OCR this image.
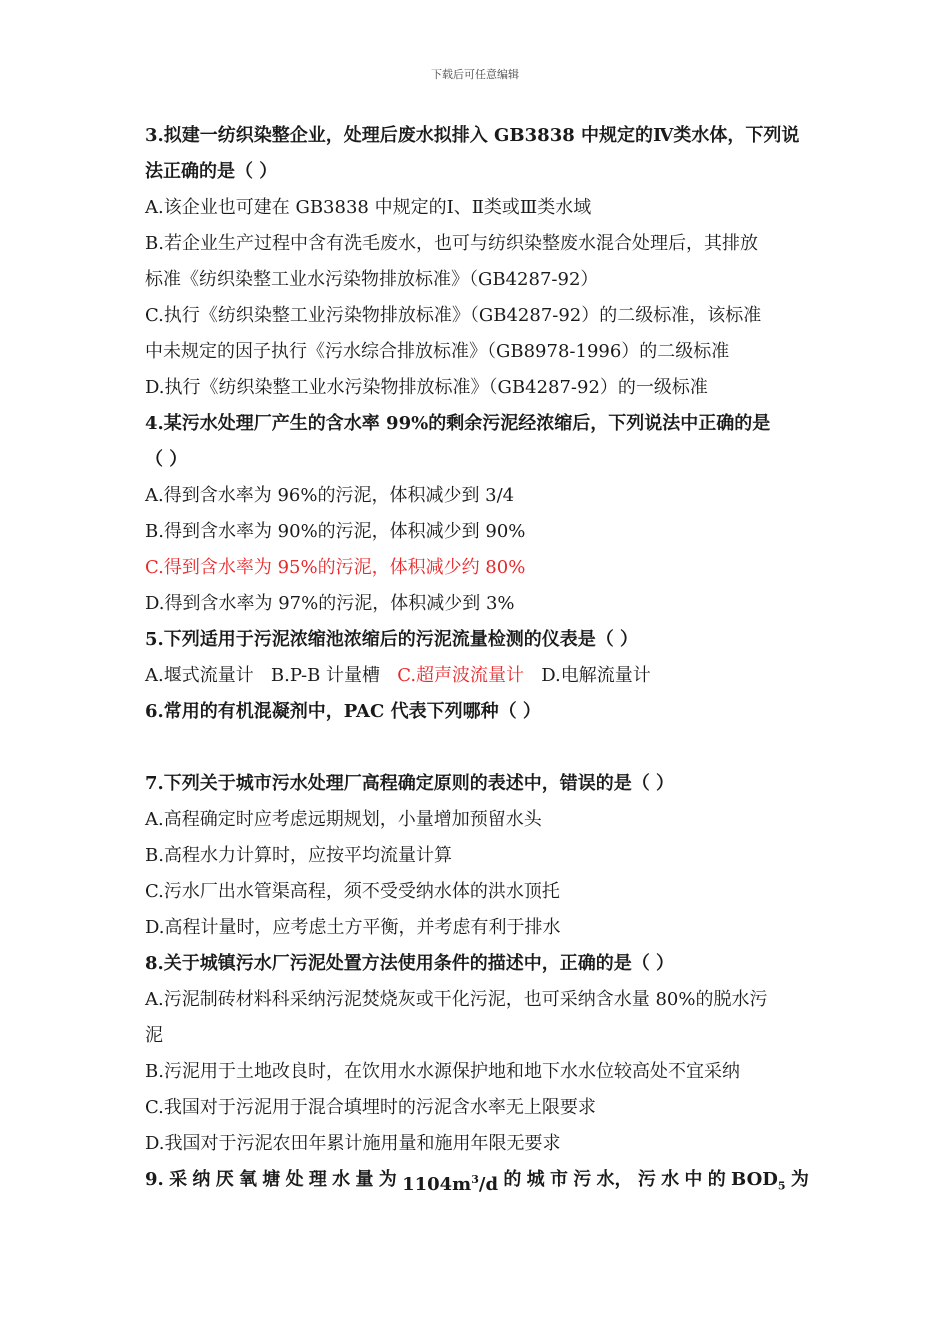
下载后可任意编辑
3.拟建一纺织染整企业，处理后废水拟排入 GB3838 中规定的Ⅳ类水体，下列说
法正确的是（ ）
A.该企业也可建在 GB3838 中规定的Ⅰ、Ⅱ类或Ⅲ类水域
B.若企业生产过程中含有洗毛废水，也可与纺织染整废水混合处理后，其排放
标准《纺织染整工业水污染物排放标准》（GB4287-92）
C.执行《纺织染整工业污染物排放标准》（GB4287-92）的二级标准，该标准
中未规定的因子执行《污水综合排放标准》（GB8978-1996）的二级标准
D.执行《纺织染整工业水污染物排放标准》（GB4287-92）的一级标准
4.某污水处理厂产生的含水率 99%的剩余污泥经浓缩后，下列说法中正确的是
（ ）
A.得到含水率为 96%的污泥，体积减少到 3/4
B.得到含水率为 90%的污泥，体积减少到 90%
C.得到含水率为 95%的污泥，体积减少约 80%
D.得到含水率为 97%的污泥，体积减少到 3%
5.下列适用于污泥浓缩池浓缩后的污泥流量检测的仪表是（ ）
A.堰式流量计 B.P-B 计量槽 C.超声波流量计 D.电解流量计
6.常用的有机混凝剂中，PAC 代表下列哪种（ ）
7.下列关于城市污水处理厂高程确定原则的表述中，错误的是（ ）
A.高程确定时应考虑远期规划，小量增加预留水头
B.高程水力计算时，应按平均流量计算
C.污水厂出水管渠高程，须不受受纳水体的洪水顶托
D.高程计量时，应考虑土方平衡，并考虑有利于排水
8.关于城镇污水厂污泥处置方法使用条件的描述中，正确的是（ ）
A.污泥制砖材料科采纳污泥焚烧灰或干化污泥，也可采纳含水量 80%的脱水污
泥
B.污泥用于土地改良时，在饮用水水源保护地和地下水水位较高处不宜采纳
C.我国对于污泥用于混合填埋时的污泥含水率无上限要求
D.我国对于污泥农田年累计施用量和施用年限无要求
9. 采 纳 厌 氧 塘 处 理 水 量 为 $1104m^3/d$ 的 城 市 污 水， 污 水 中 的 $BOD_5$ 为
